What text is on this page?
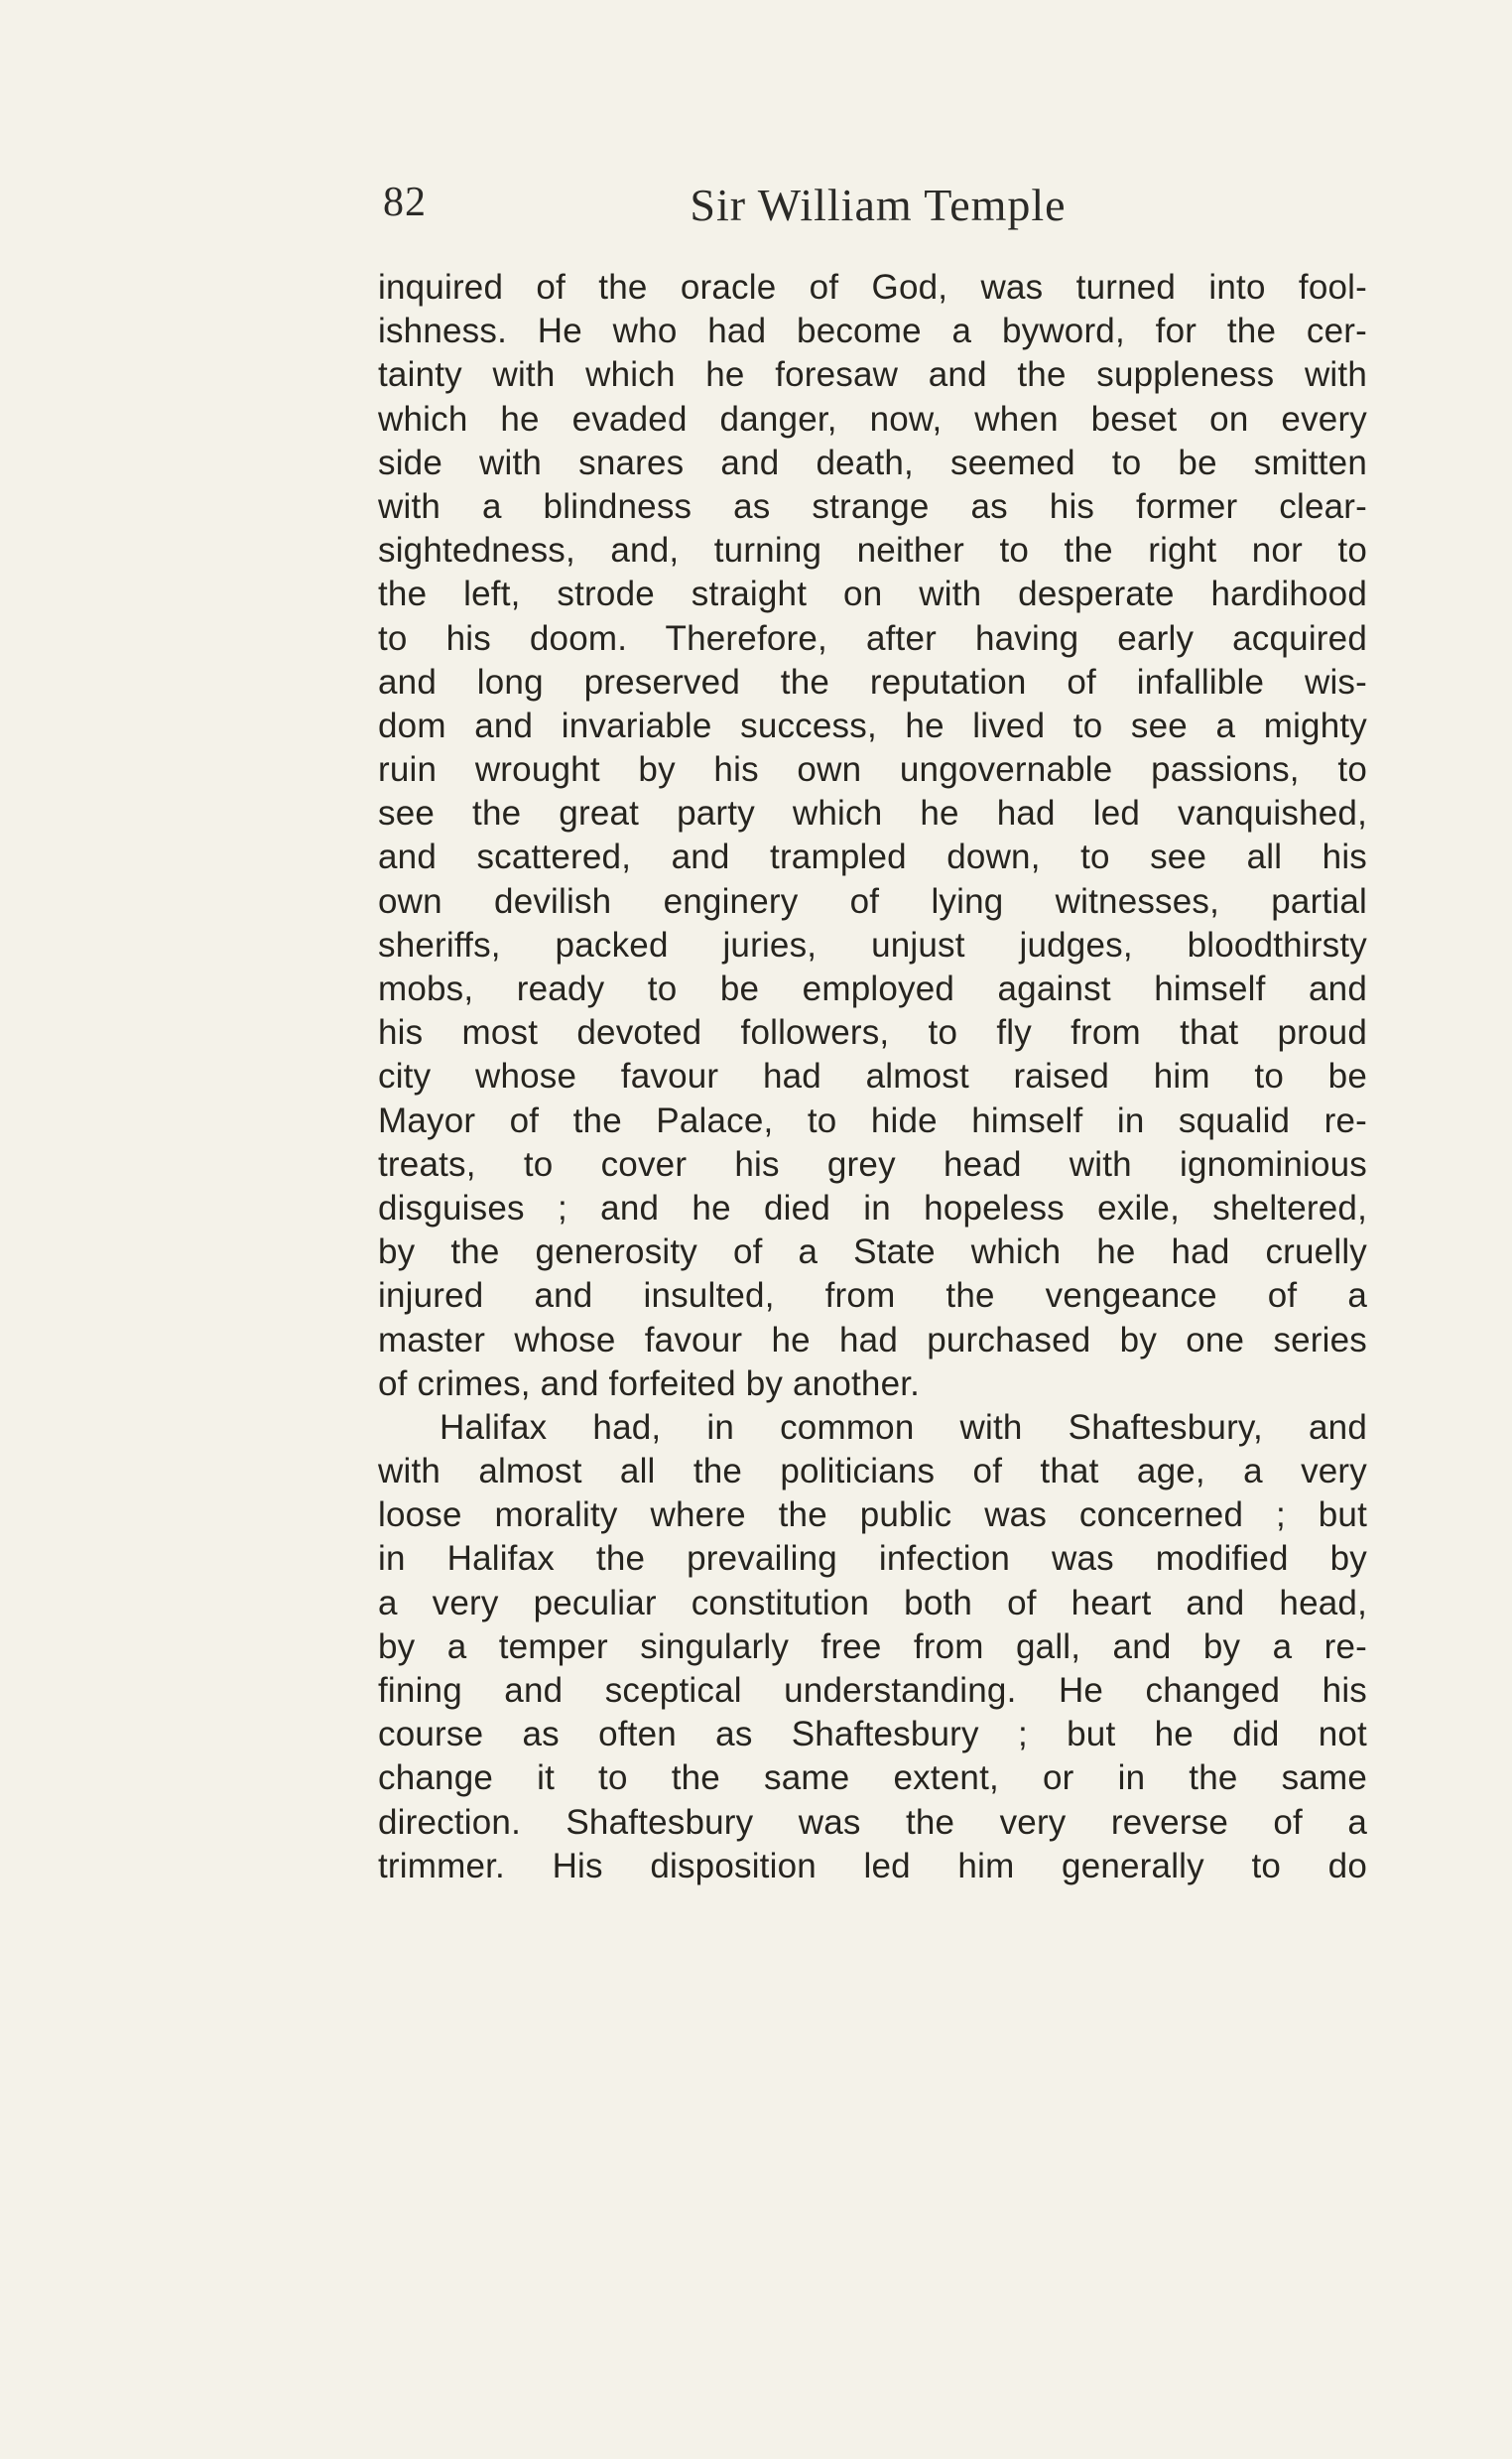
82	Sir William Temple
inquired of the oracle of God, was turned into fool-
ishness. He who had become a byword, for the cer-
tainty with which he foresaw and the suppleness with
which he evaded danger, now, when beset on every
side with snares and death, seemed to be smitten
with a blindness as strange as his former clear-
sightedness, and, turning neither to the right nor to
the left, strode straight on with desperate hardihood
to his doom. Therefore, after having early acquired
and long preserved the reputation of infallible wis-
dom and invariable success, he lived to see a mighty
ruin wrought by his own ungovernable passions, to
see the great party which he had led vanquished,
and scattered, and trampled down, to see all his
own devilish enginery of lying witnesses, partial
sheriffs, packed juries, unjust judges, bloodthirsty
mobs, ready to be employed against himself and
his most devoted followers, to fly from that proud
city whose favour had almost raised him to be
Mayor of the Palace, to hide himself in squalid re-
treats, to cover his grey head with ignominious
disguises ; and he died in hopeless exile, sheltered,
by the generosity of a State which he had cruelly
injured and insulted, from the vengeance of a
master whose favour he had purchased by one series
of crimes, and forfeited by another.
Halifax had, in common with Shaftesbury, and
with almost all the politicians of that age, a very
loose morality where the public was concerned ; but
in Halifax the prevailing infection was modified by
a very peculiar constitution both of heart and head,
by a temper singularly free from gall, and by a re-
fining and sceptical understanding. He changed his
course as often as Shaftesbury ; but he did not
change it to the same extent, or in the same
direction. Shaftesbury was the very reverse of a
trimmer. His disposition led him generally to do
